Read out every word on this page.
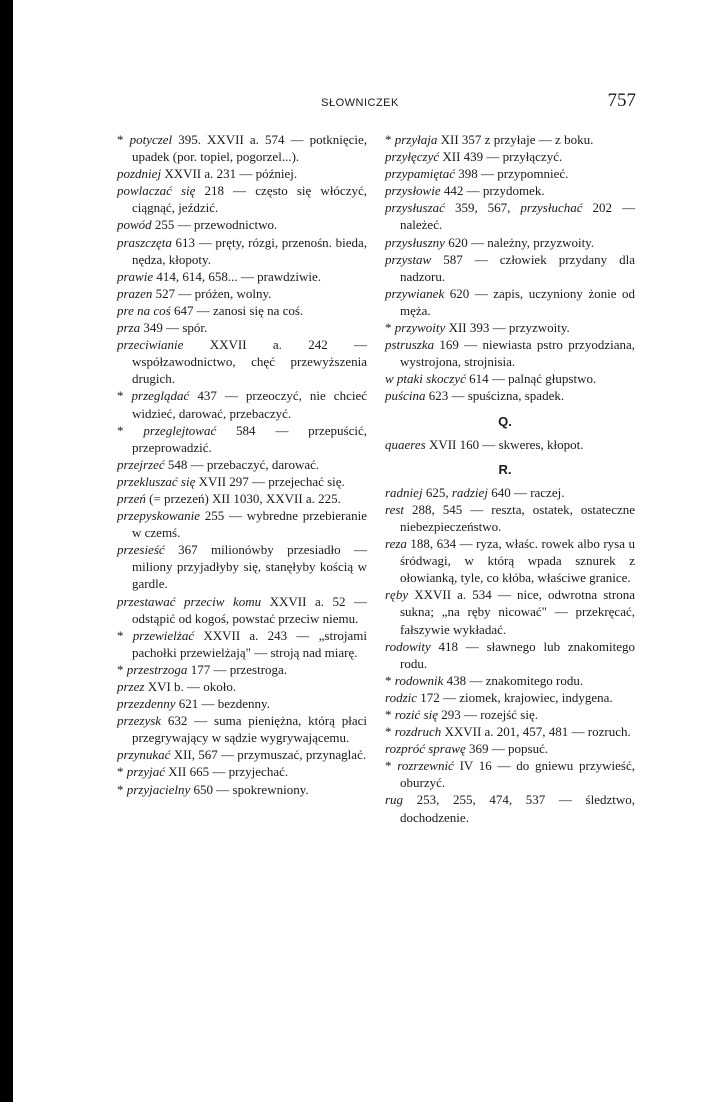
SŁOWNICZEK	757

* potyczel 395. XXVII a. 574 — potknięcie, upadek (por. topiel, pogorzel...).

pozdniej XXVII a. 231 — później.

powlaczać się 218 — często się włóczyć, ciągnąć, jeździć.

powód 255 — przewodnictwo.

praszczęta 613 — pręty, rózgi, przenośn. bieda, nędza, kłopoty.

prawie 414, 614, 658... — prawdziwie.

prazen 527 — próżen, wolny.

pre na coś 647 — zanosi się na coś.

prza 349 — spór.

przeciwianie XXVII a. 242 — współzawodnictwo, chęć przewyższenia drugich.

* przeglądać 437 — przeoczyć, nie chcieć widzieć, darować, przebaczyć.

* przeglejtować 584 — przepuścić, przeprowadzić.

przejrzeć 548 — przebaczyć, darować.

przekluszać się XVII 297 — przejechać się.

przeń (= przezeń) XII 1030, XXVII a. 225.

przepyskowanie 255 — wybredne przebieranie w czemś.

przesieść 367 milionówby przesiadło — miliony przyjadłyby się, stanęłyby kością w gardle.

przestawać przeciw komu XXVII a. 52 — odstąpić od kogoś, powstać przeciw niemu.

* przewielżać XXVII a. 243 — „strojami pachołki przewielżają" — stroją nad miarę.

* przestrzoga 177 — przestroga.

przez XVI b. — około.

przezdenny 621 — bezdenny.

przezysk 632 — suma pieniężna, którą płaci przegrywający w sądzie wygrywającemu.

przynukać XII, 567 — przymuszać, przynaglać.

* przyjać XII 665 — przyjechać.

* przyjacielny 650 — spokrewniony.

* przyłaja XII 357 z przyłaje — z boku.

przyłęczyć XII 439 — przyłączyć.

przypamiętać 398 — przypomnieć.

przysłowie 442 — przydomek.

przysłuszać 359, 567, przysłuchać 202 — należeć.

przysłuszny 620 — należny, przyzwoity.

przystaw 587 — człowiek przydany dla nadzoru.

przywianek 620 — zapis, uczyniony żonie od męża.

* przywoity XII 393 — przyzwoity.

pstruszka 169 — niewiasta pstro przyodziana, wystrojona, strojnisia.

w ptaki skoczyć 614 — palnąć głupstwo.

puścina 623 — spuścizna, spadek.

Q.

quaeres XVII 160 — skweres, kłopot.

R.

radniej 625, radziej 640 — raczej.

rest 288, 545 — reszta, ostatek, ostateczne niebezpieczeństwo.

reza 188, 634 — ryza, właśc. rowek albo rysa u śródwagi, w którą wpada sznurek z ołowianką, tyle, co kłóba, właściwe granice.

ręby XXVII a. 534 — nice, odwrotna strona sukna; „na ręby nicować" — przekręcać, fałszywie wykładać.

rodowity 418 — sławnego lub znakomitego rodu.

* rodownik 438 — znakomitego rodu.

rodzic 172 — ziomek, krajowiec, indygena.

* rozić się 293 — rozejść się.

* rozdruch XXVII a. 201, 457, 481 — rozruch.

rozpróć sprawę 369 — popsuć.

* rozrzewnić IV 16 — do gniewu przywieść, oburzyć.

rug 253, 255, 474, 537 — śledztwo, dochodzenie.
